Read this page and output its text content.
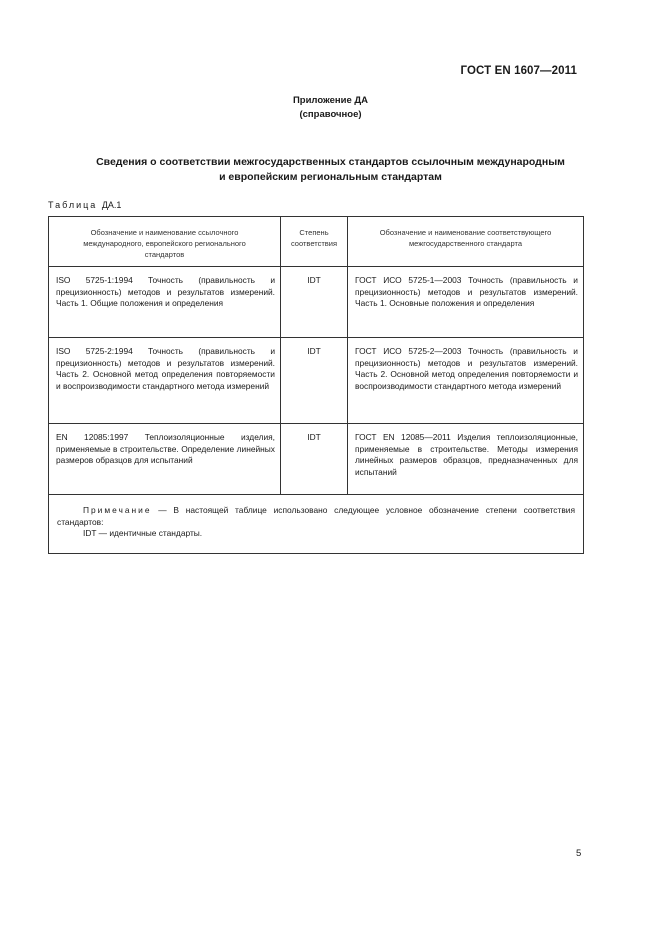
ГОСТ EN 1607—2011
Приложение ДА
(справочное)
Сведения о соответствии межгосударственных стандартов ссылочным международным
и европейским региональным стандартам
Таблица ДА.1
Обозначение и наименование ссылочного международного, европейского регионального стандартов	Степень соответствия	Обозначение и наименование соответствующего межгосударственного стандарта
ISO 5725-1:1994 Точность (правильность и прецизионность) методов и результатов измерений. Часть 1. Общие положения и определения	IDT	ГОСТ ИСО 5725-1—2003 Точность (правильность и прецизионность) методов и результатов измерений. Часть 1. Основные положения и определения
ISO 5725-2:1994 Точность (правильность и прецизионность) методов и результатов измерений. Часть 2. Основной метод определения повторяемости и воспроизводимости стандартного метода измерений	IDT	ГОСТ ИСО 5725-2—2003 Точность (правильность и прецизионность) методов и результатов измерений. Часть 2. Основной метод определения повторяемости и воспроизводимости стандартного метода измерений
EN 12085:1997 Теплоизоляционные изделия, применяемые в строительстве. Определение линейных размеров образцов для испытаний	IDT	ГОСТ EN 12085—2011 Изделия теплоизоляционные, применяемые в строительстве. Методы измерения линейных размеров образцов, предназначенных для испытаний

Примечание — В настоящей таблице использовано следующее условное обозначение степени соответствия стандартов:
IDT — идентичные стандарты.		
5
